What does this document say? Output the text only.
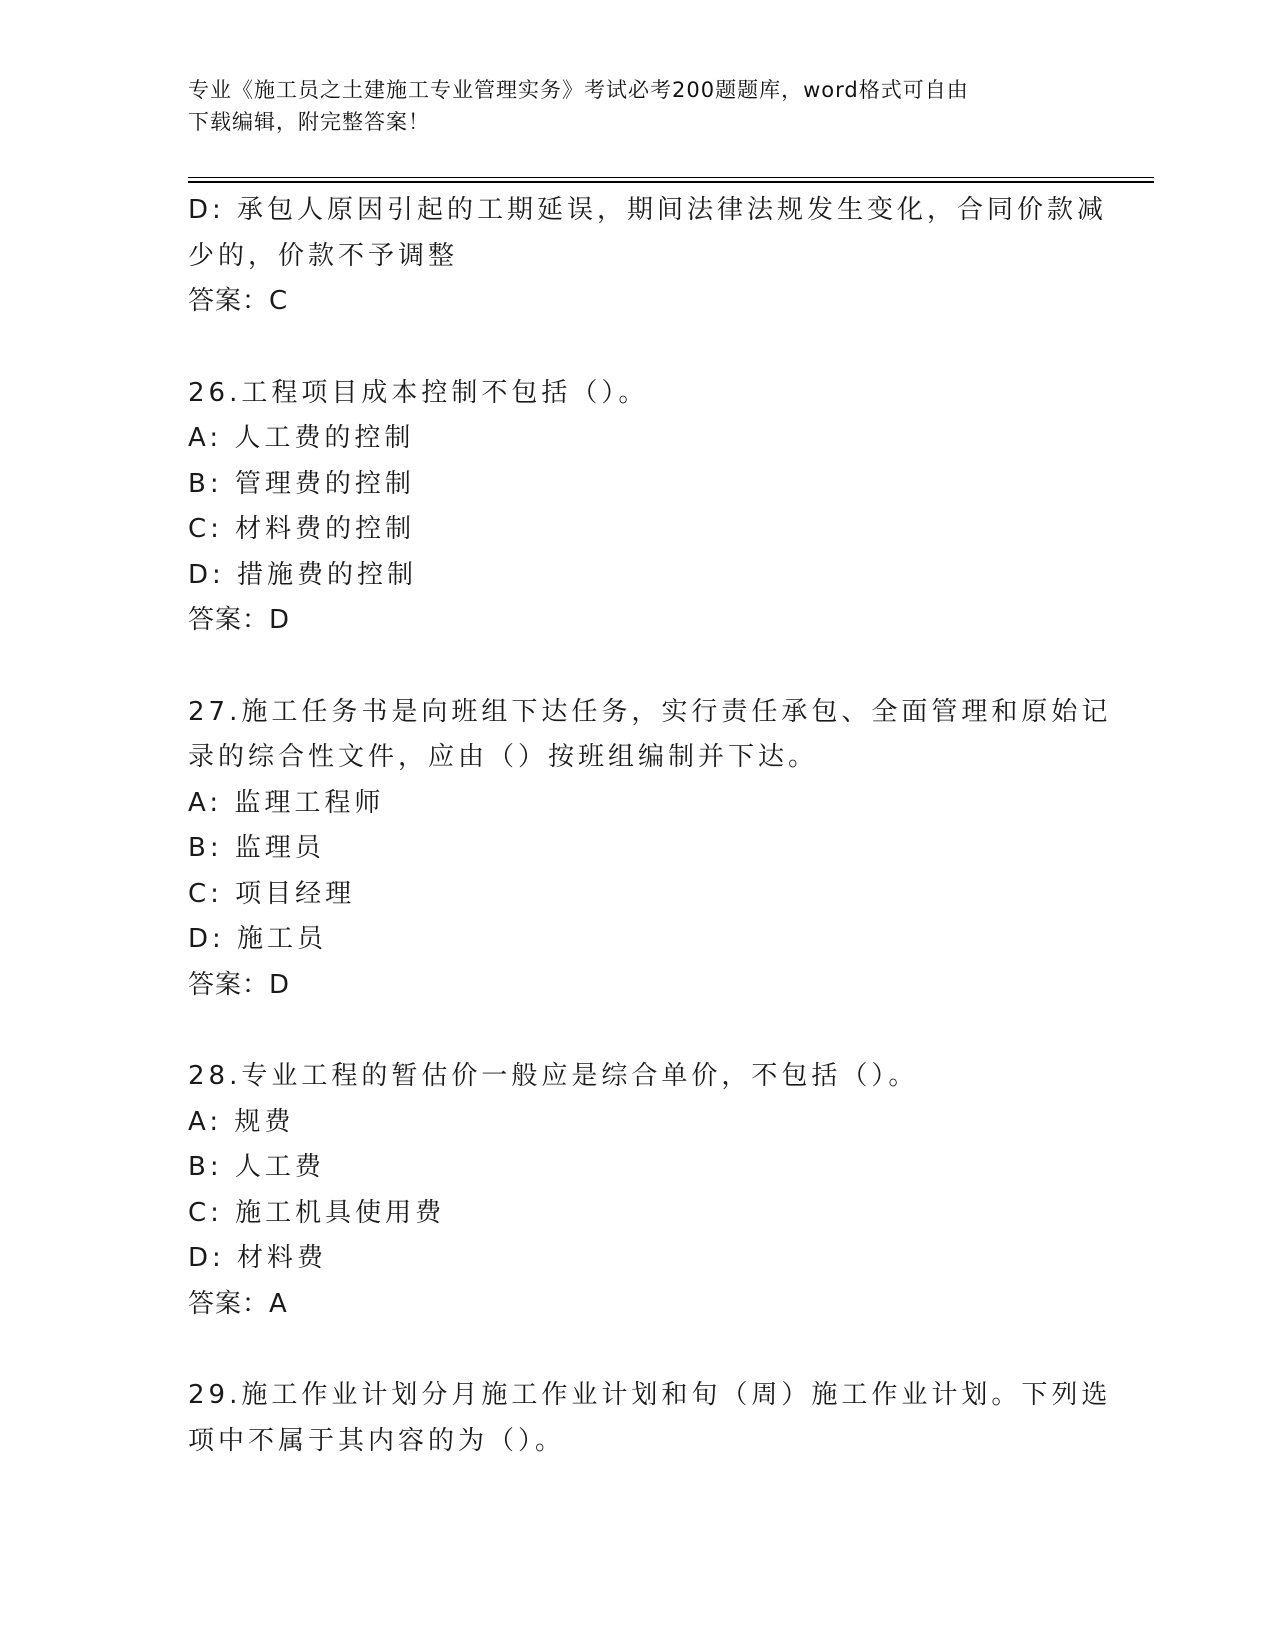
专业《施工员之土建施工专业管理实务》考试必考200题题库，word格式可自由
下载编辑，附完整答案！
D: 承包人原因引起的工期延误，期间法律法规发生变化，合同价款减
少的，价款不予调整
答案：C
26.工程项目成本控制不包括（）。
A: 人工费的控制
B: 管理费的控制
C: 材料费的控制
D: 措施费的控制
答案：D
27.施工任务书是向班组下达任务，实行责任承包、全面管理和原始记
录的综合性文件，应由（）按班组编制并下达。
A: 监理工程师
B: 监理员
C: 项目经理
D: 施工员
答案：D
28.专业工程的暂估价一般应是综合单价，不包括（）。
A: 规费
B: 人工费
C: 施工机具使用费
D: 材料费
答案：A
29.施工作业计划分月施工作业计划和旬（周）施工作业计划。下列选
项中不属于其内容的为（）。
